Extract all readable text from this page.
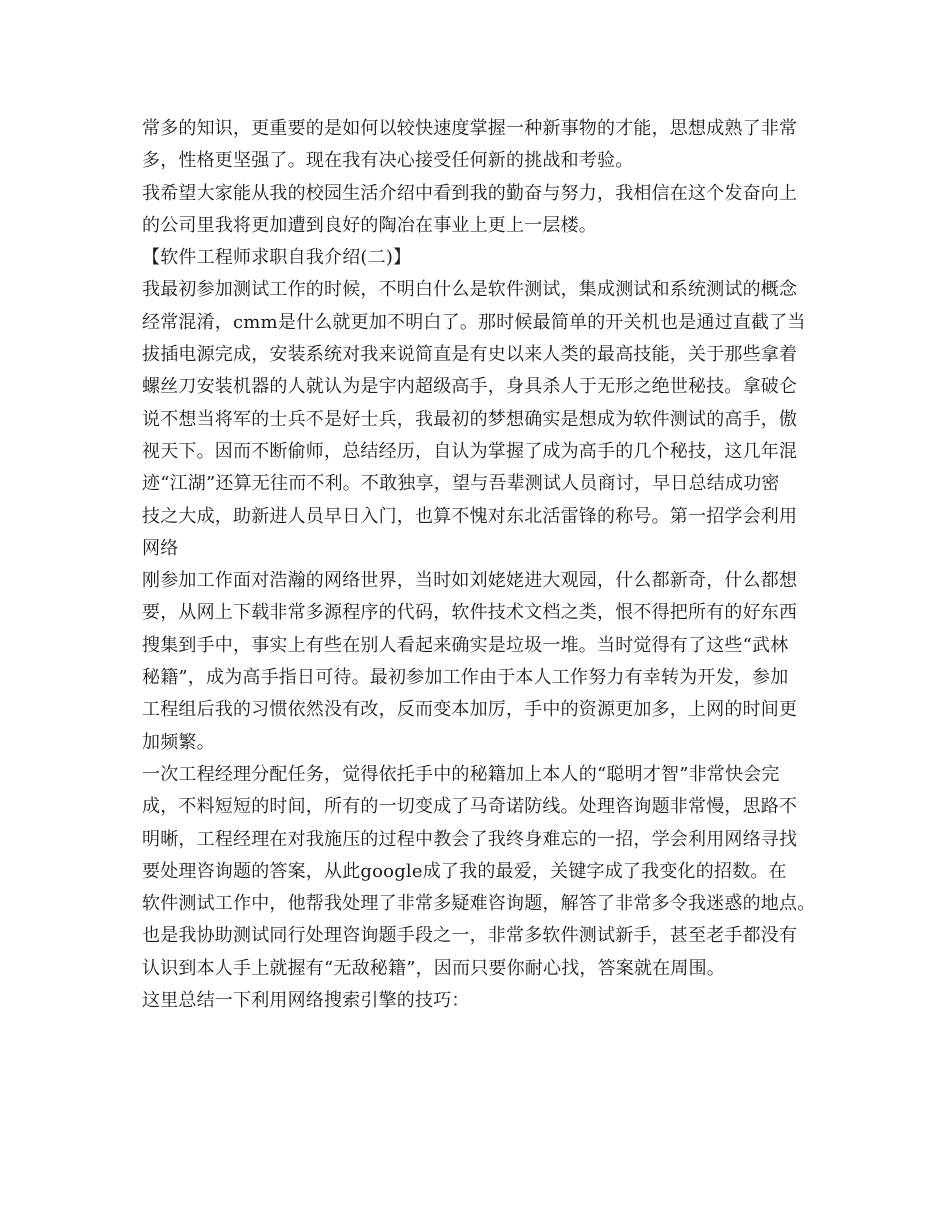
常多的知识，更重要的是如何以较快速度掌握一种新事物的才能，思想成熟了非常
多，性格更坚强了。现在我有决心接受任何新的挑战和考验。
我希望大家能从我的校园生活介绍中看到我的勤奋与努力，我相信在这个发奋向上
的公司里我将更加遭到良好的陶冶在事业上更上一层楼。
【软件工程师求职自我介绍(二)】
我最初参加测试工作的时候，不明白什么是软件测试，集成测试和系统测试的概念
经常混淆，cmm是什么就更加不明白了。那时候最简单的开关机也是通过直截了当
拔插电源完成，安装系统对我来说简直是有史以来人类的最高技能，关于那些拿着
螺丝刀安装机器的人就认为是宇内超级高手，身具杀人于无形之绝世秘技。拿破仑
说不想当将军的士兵不是好士兵，我最初的梦想确实是想成为软件测试的高手，傲
视天下。因而不断偷师，总结经历，自认为掌握了成为高手的几个秘技，这几年混
迹“江湖”还算无往而不利。不敢独享，望与吾辈测试人员商讨，早日总结成功密
技之大成，助新进人员早日入门，也算不愧对东北活雷锋的称号。第一招学会利用
网络
刚参加工作面对浩瀚的网络世界，当时如刘姥姥进大观园，什么都新奇，什么都想
要，从网上下载非常多源程序的代码，软件技术文档之类，恨不得把所有的好东西
搜集到手中，事实上有些在别人看起来确实是垃圾一堆。当时觉得有了这些“武林
秘籍”，成为高手指日可待。最初参加工作由于本人工作努力有幸转为开发，参加
工程组后我的习惯依然没有改，反而变本加厉，手中的资源更加多，上网的时间更
加频繁。
一次工程经理分配任务，觉得依托手中的秘籍加上本人的“聪明才智”非常快会完
成，不料短短的时间，所有的一切变成了马奇诺防线。处理咨询题非常慢，思路不
明晰，工程经理在对我施压的过程中教会了我终身难忘的一招，学会利用网络寻找
要处理咨询题的答案，从此google成了我的最爱，关键字成了我变化的招数。在
软件测试工作中，他帮我处理了非常多疑难咨询题，解答了非常多令我迷惑的地点。
也是我协助测试同行处理咨询题手段之一，非常多软件测试新手，甚至老手都没有
认识到本人手上就握有“无敌秘籍”，因而只要你耐心找，答案就在周围。
这里总结一下利用网络搜索引擎的技巧：
